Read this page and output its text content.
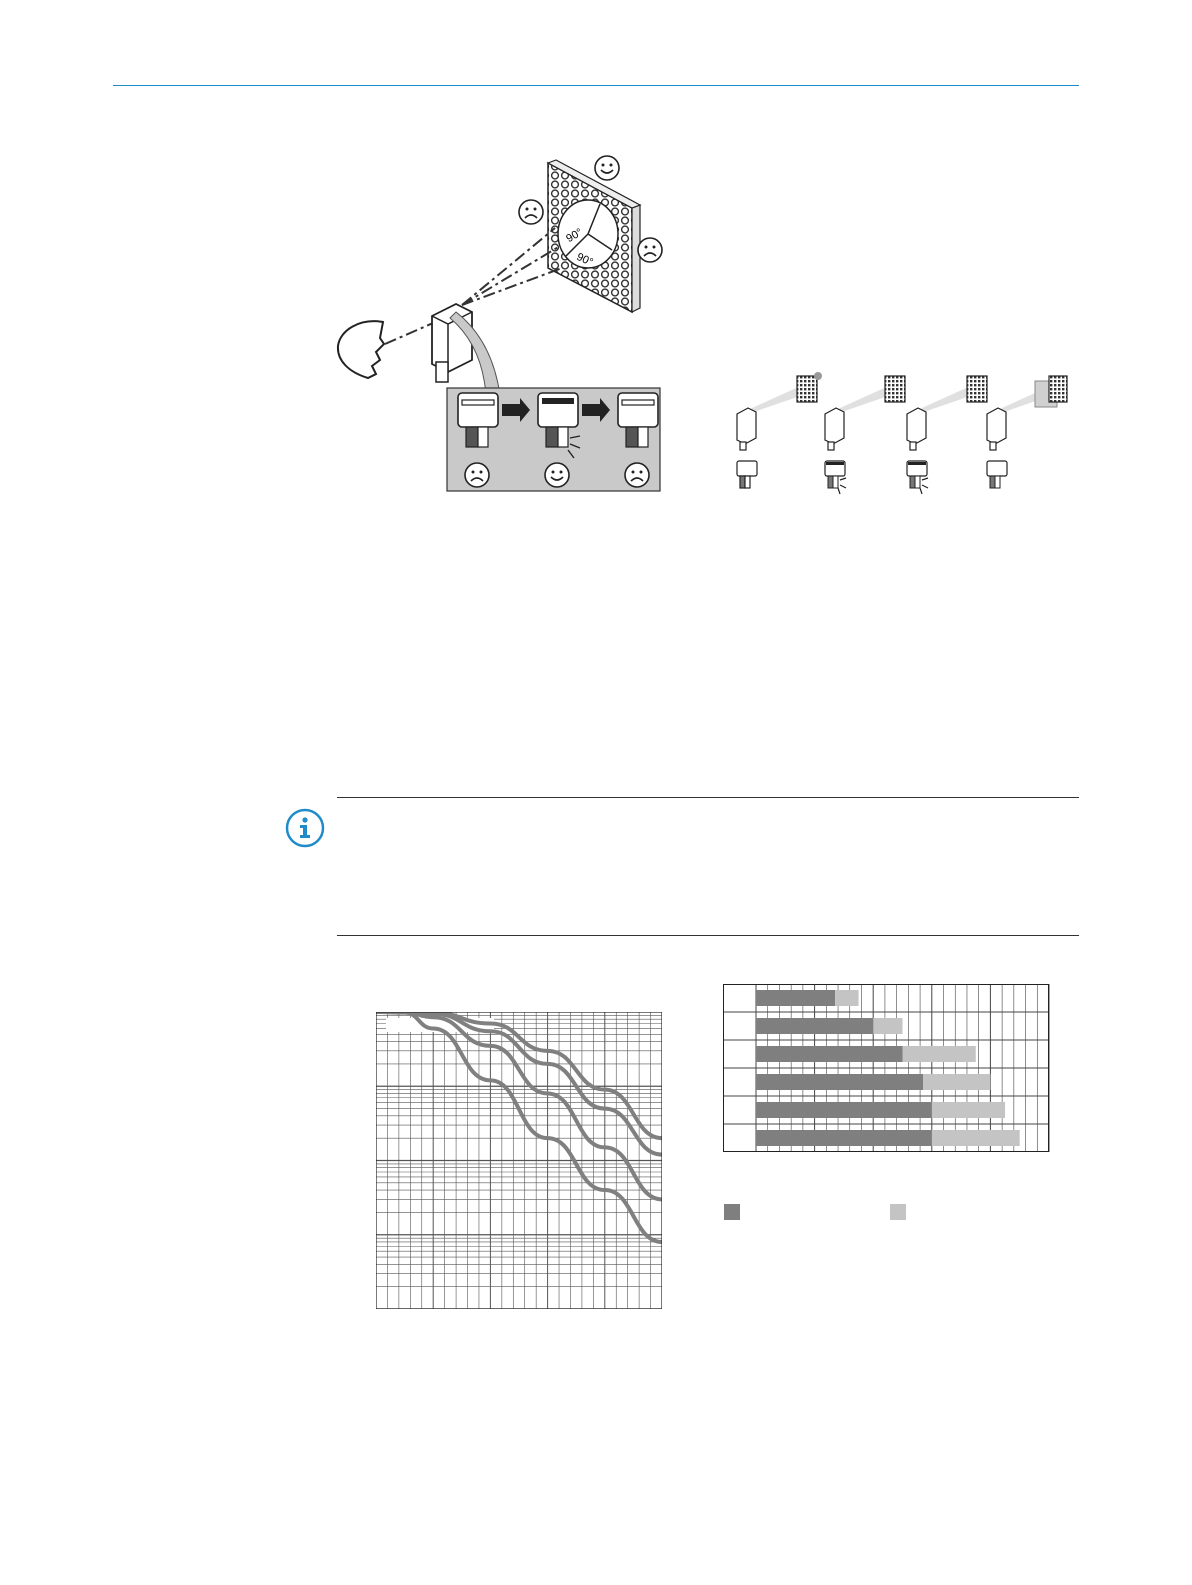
90°
90°
